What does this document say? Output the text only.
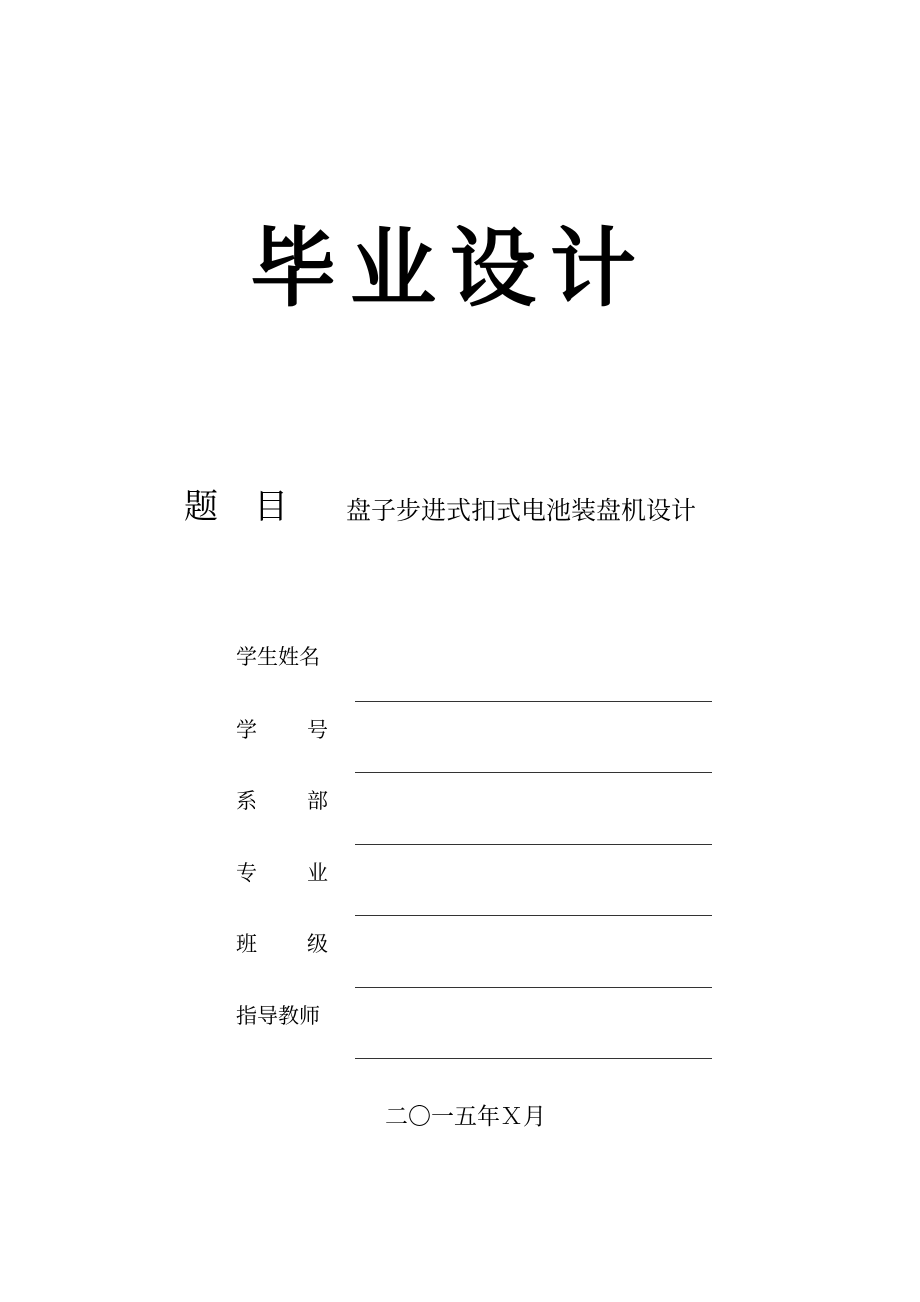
毕业设计
题 目 盘子步进式扣式电池装盘机设计
学生姓名
学 号
系 部
专 业
班 级
指导教师
二〇一五年Ｘ月
